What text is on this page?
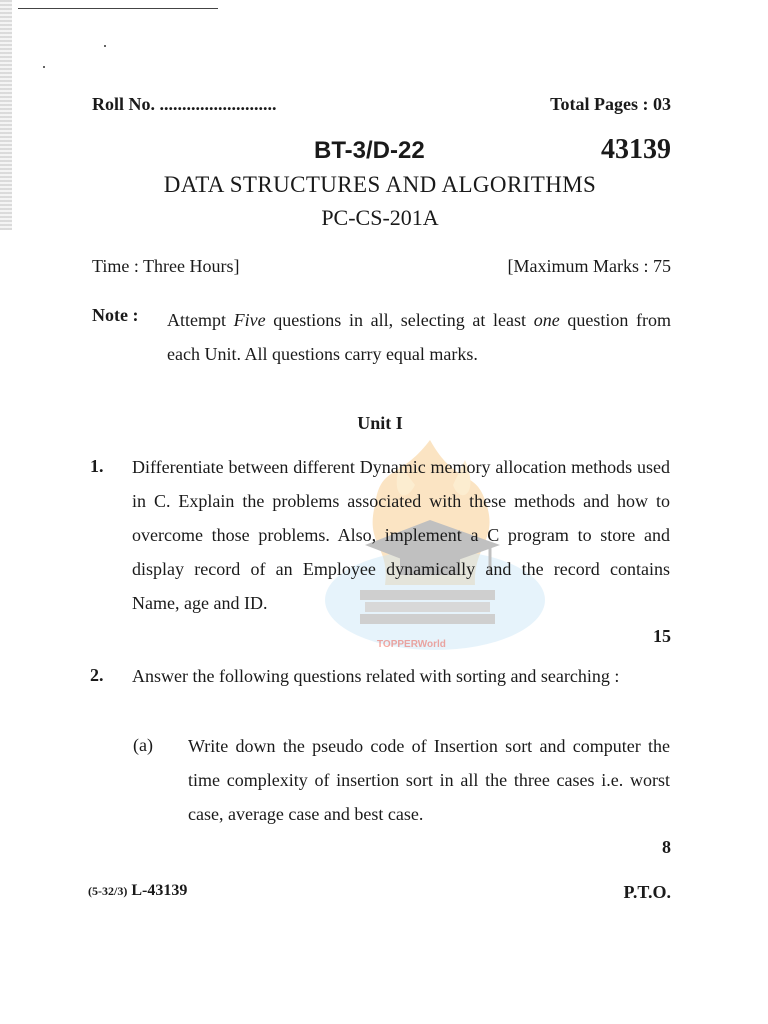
TOPPERWorld
Roll No. ..........................	Total Pages : 03
BT-3/D-22	43139
DATA STRUCTURES AND ALGORITHMS
PC-CS-201A
Time : Three Hours]	[Maximum Marks : 75
Note : Attempt Five questions in all, selecting at least one question from each Unit. All questions carry equal marks.
Unit I
1. Differentiate between different Dynamic memory allocation methods used in C. Explain the problems associated with these methods and how to overcome those problems. Also, implement a C program to store and display record of an Employee dynamically and the record contains Name, age and ID.
15
2. Answer the following questions related with sorting and searching :
(a) Write down the pseudo code of Insertion sort and computer the time complexity of insertion sort in all the three cases i.e. worst case, average case and best case.
8
(5-32/3) L-43139	P.T.O.
